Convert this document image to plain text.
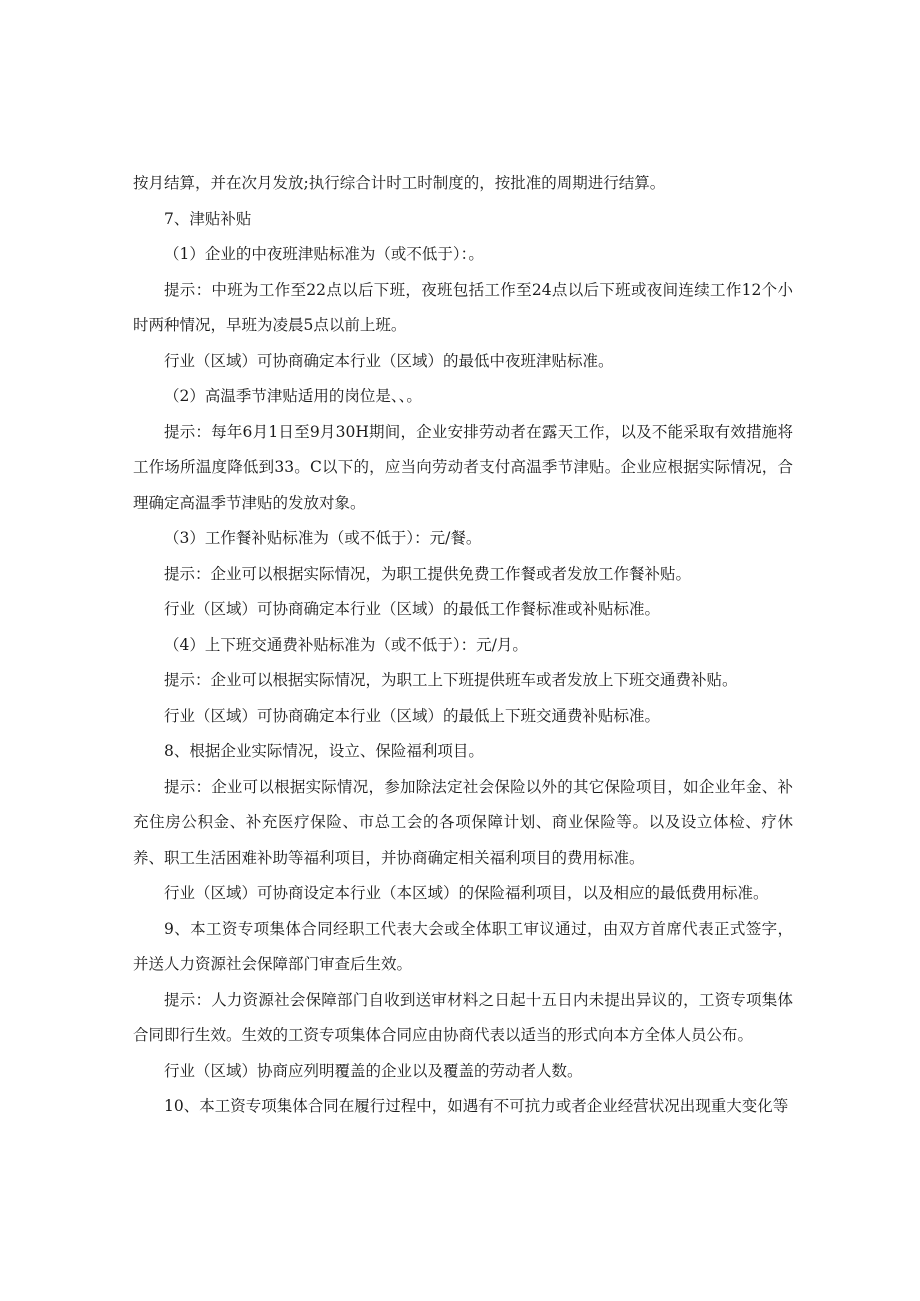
按月结算，并在次月发放;执行综合计时工时制度的，按批准的周期进行结算。

7、津贴补贴

（1）企业的中夜班津贴标准为（或不低于）：。

提示：中班为工作至22点以后下班，夜班包括工作至24点以后下班或夜间连续工作12个小时两种情况，早班为凌晨5点以前上班。

行业（区域）可协商确定本行业（区域）的最低中夜班津贴标准。

（2）高温季节津贴适用的岗位是、、。

提示：每年6月1日至9月30H期间，企业安排劳动者在露天工作，以及不能采取有效措施将工作场所温度降低到33。C以下的，应当向劳动者支付高温季节津贴。企业应根据实际情况，合理确定高温季节津贴的发放对象。

（3）工作餐补贴标准为（或不低于）：元/餐。

提示：企业可以根据实际情况，为职工提供免费工作餐或者发放工作餐补贴。

行业（区域）可协商确定本行业（区域）的最低工作餐标准或补贴标准。

（4）上下班交通费补贴标准为（或不低于）：元/月。

提示：企业可以根据实际情况，为职工上下班提供班车或者发放上下班交通费补贴。

行业（区域）可协商确定本行业（区域）的最低上下班交通费补贴标准。

8、根据企业实际情况，设立、保险福利项目。

提示：企业可以根据实际情况，参加除法定社会保险以外的其它保险项目，如企业年金、补充住房公积金、补充医疗保险、市总工会的各项保障计划、商业保险等。以及设立体检、疗休养、职工生活困难补助等福利项目，并协商确定相关福利项目的费用标准。

行业（区域）可协商设定本行业（本区域）的保险福利项目，以及相应的最低费用标准。

9、本工资专项集体合同经职工代表大会或全体职工审议通过，由双方首席代表正式签字，并送人力资源社会保障部门审查后生效。

提示：人力资源社会保障部门自收到送审材料之日起十五日内未提出异议的，工资专项集体合同即行生效。生效的工资专项集体合同应由协商代表以适当的形式向本方全体人员公布。

行业（区域）协商应列明覆盖的企业以及覆盖的劳动者人数。

10、本工资专项集体合同在履行过程中，如遇有不可抗力或者企业经营状况出现重大变化等
